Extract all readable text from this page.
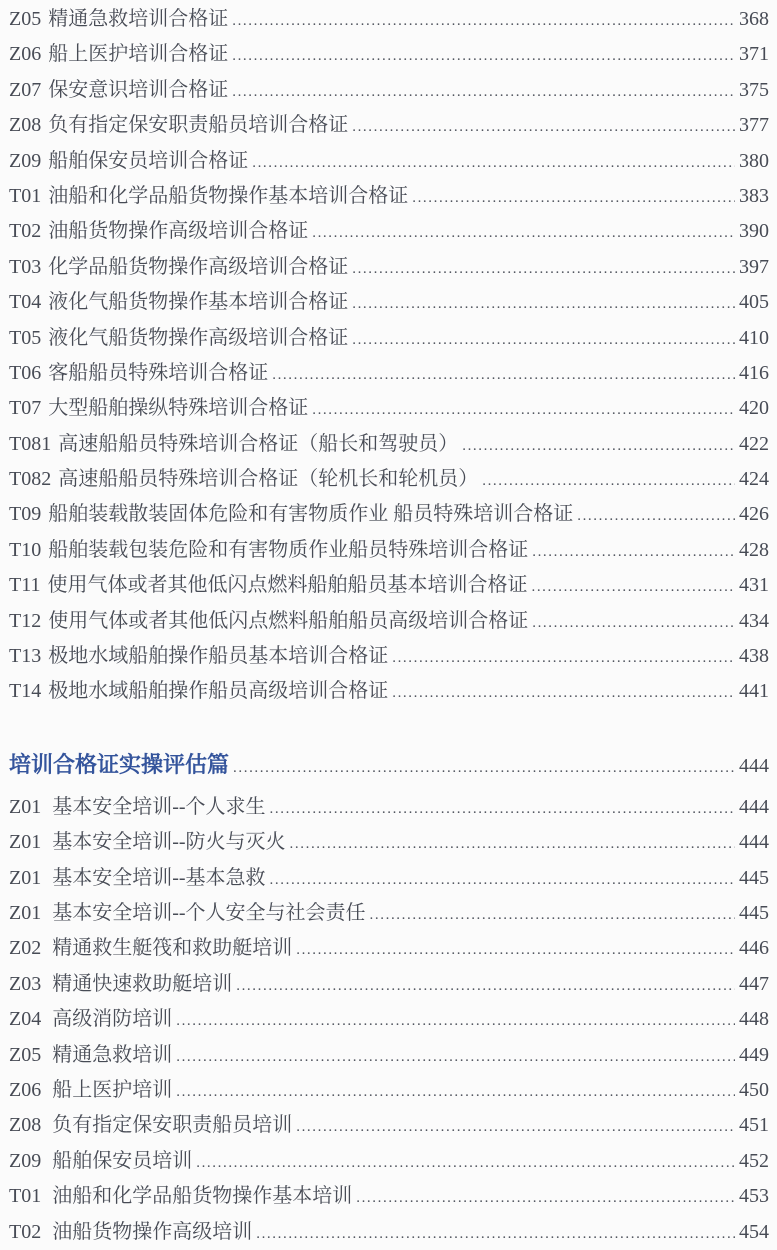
Z05 精通急救培训合格证 .....	368
Z06 船上医护培训合格证 .....	371
Z07 保安意识培训合格证 .....	375
Z08 负有指定保安职责船员培训合格证 .....	377
Z09 船舶保安员培训合格证 .....	380
T01 油船和化学品船货物操作基本培训合格证 .....	383
T02 油船货物操作高级培训合格证 .....	390
T03 化学品船货物操作高级培训合格证 .....	397
T04 液化气船货物操作基本培训合格证 .....	405
T05 液化气船货物操作高级培训合格证 .....	410
T06 客船船员特殊培训合格证 .....	416
T07 大型船舶操纵特殊培训合格证 .....	420
T081 高速船船员特殊培训合格证（船长和驾驶员） .....	422
T082 高速船船员特殊培训合格证（轮机长和轮机员） .....	424
T09 船舶装载散装固体危险和有害物质作业 船员特殊培训合格证 .....	426
T10 船舶装载包装危险和有害物质作业船员特殊培训合格证 .....	428
T11 使用气体或者其他低闪点燃料船舶船员基本培训合格证 .....	431
T12 使用气体或者其他低闪点燃料船舶船员高级培训合格证 .....	434
T13 极地水域船舶操作船员基本培训合格证 .....	438
T14 极地水域船舶操作船员高级培训合格证 .....	441
培训合格证实操评估篇 .....	444
Z01 基本安全培训--个人求生 .....	444
Z01 基本安全培训--防火与灭火 .....	444
Z01 基本安全培训--基本急救 .....	445
Z01 基本安全培训--个人安全与社会责任 .....	445
Z02 精通救生艇筏和救助艇培训 .....	446
Z03 精通快速救助艇培训 .....	447
Z04 高级消防培训 .....	448
Z05 精通急救培训 .....	449
Z06 船上医护培训 .....	450
Z08 负有指定保安职责船员培训 .....	451
Z09 船舶保安员培训 .....	452
T01 油船和化学品船货物操作基本培训 .....	453
T02 油船货物操作高级培训 .....	454
